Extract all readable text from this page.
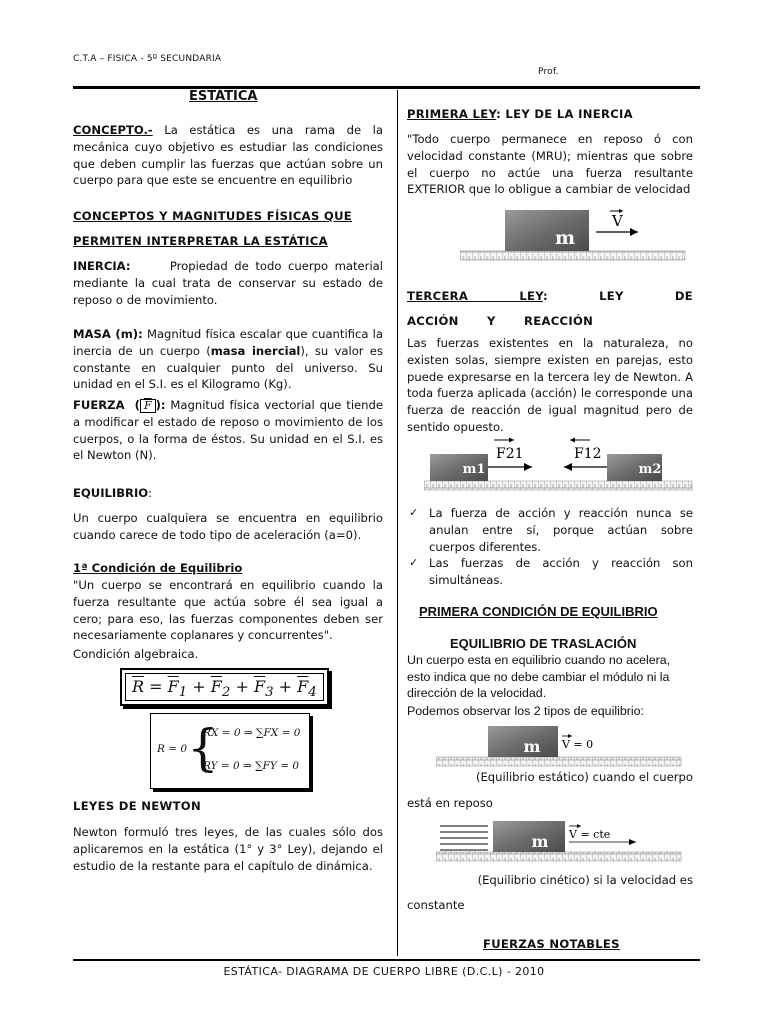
C.T.A – FISICA - 5º SECUNDARIA
Prof.
ESTÁTICA
CONCEPTO.- La estática es una rama de la mecánica cuyo objetivo es estudiar las condiciones que deben cumplir las fuerzas que actúan sobre un cuerpo para que este se encuentre en equilibrio
CONCEPTOS Y MAGNITUDES FÍSICAS QUE
PERMITEN INTERPRETAR LA ESTÁTICA
INERCIA:	Propiedad de todo cuerpo material mediante la cual trata de conservar su estado de reposo o de movimiento.
MASA (m): Magnitud física escalar que cuantifica la inercia de un cuerpo (masa inercial), su valor es constante en cualquier punto del universo. Su unidad en el S.I. es el Kilogramo (Kg).
FUERZA  ( $\overline{F}$ ): Magnitud física vectorial que tiende a modificar el estado de reposo o movimiento de los cuerpos, o la forma de éstos. Su unidad en el S.I. es el Newton (N).
EQUILIBRIO:
Un cuerpo cualquiera se encuentra en equilibrio cuando carece de todo tipo de aceleración (a=0).
1ª Condición de Equilibrio
"Un cuerpo se encontrará en equilibrio cuando la fuerza resultante que actúa sobre él sea igual a cero; para eso, las fuerzas componentes deben ser necesariamente coplanares y concurrentes".
Condición algebraica.
$\overline{R} = \overline{F}_1 + \overline{F}_2 + \overline{F}_3 + \overline{F}_4$
R = 0 {
RX = 0 ⇒ ∑FX = 0
RY = 0 ⇒ ∑FY = 0
LEYES DE NEWTON
Newton formuló tres leyes, de las cuales sólo dos aplicaremos en la estática (1° y 3° Ley), dejando el estudio de la restante para el capítulo de dinámica.
PRIMERA LEY: LEY DE LA INERCIA
"Todo cuerpo permanece en reposo ó con velocidad constante (MRU); mientras que sobre el cuerpo no actúe una fuerza resultante EXTERIOR que lo obligue a cambiar de velocidad
m
V
TERCERA LEY: LEY DE ACCIÓN Y REACCIÓN
Las fuerzas existentes en la naturaleza, no existen solas, siempre existen en parejas, esto puede expresarse en la tercera ley de Newton. A toda fuerza aplicada (acción) le corresponde una fuerza de reacción de igual magnitud pero de sentido opuesto.
m1	m2
F21	F12
✓ La fuerza de acción y reacción nunca se anulan entre sí, porque actúan sobre cuerpos diferentes.
✓ Las fuerzas de acción y reacción son simultáneas.
PRIMERA CONDICIÓN DE EQUILIBRIO
EQUILIBRIO DE TRASLACIÓN
Un cuerpo esta en equilibrio cuando no acelera, esto indica que no debe cambiar el módulo ni la dirección de la velocidad.
Podemos observar los 2 tipos de equilibrio:
m V = 0
(Equilibrio estático) cuando el cuerpo
está en reposo
m V = cte
(Equilibrio cinético) si la velocidad es
constante
FUERZAS NOTABLES
ESTÁTICA- DIAGRAMA DE CUERPO LIBRE (D.C.L) - 2010
